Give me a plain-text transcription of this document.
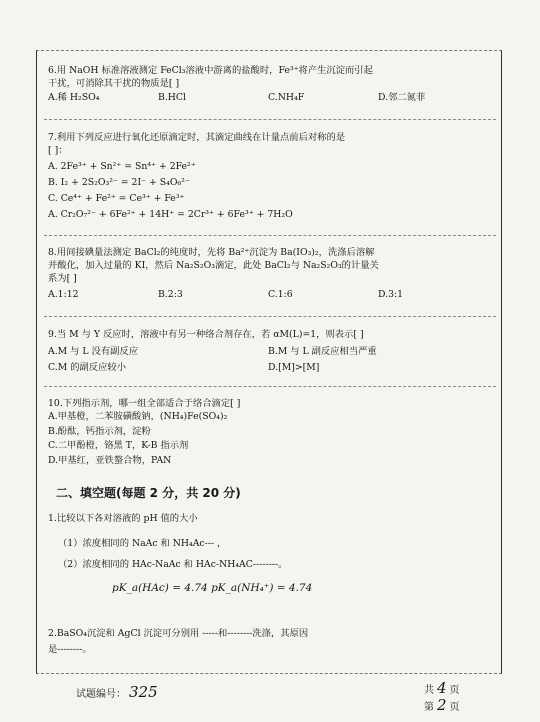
6.用 NaOH 标准溶液测定 FeCl₃溶液中游离的盐酸时，Fe³⁺将产生沉淀而引起

干扰，可消除其干扰的物质是[ ]

A.稀 H₂SO₄	B.HCl	C.NH₄F	D.邻二氮菲

7.利用下列反应进行氧化还原滴定时，其滴定曲线在计量点前后对称的是

[ ]：

A. 2Fe³⁺ + Sn²⁺ = Sn⁴⁺ + 2Fe²⁺

B. I₂ + 2S₂O₃²⁻ = 2I⁻ + S₄O₆²⁻

C. Ce⁴⁺ + Fe²⁺ = Ce³⁺ + Fe³⁺

A. Cr₂O₇²⁻ + 6Fe²⁺ + 14H⁺ = 2Cr³⁺ + 6Fe³⁺ + 7H₂O

8.用间接碘量法测定 BaCl₂的纯度时，先将 Ba²⁺沉淀为 Ba(IO₃)₂，洗涤后溶解

并酸化，加入过量的 KI，然后 Na₂S₂O₃滴定，此处 BaCl₂与 Na₂S₂O₃的计量关

系为[ ]

A.1:12	B.2:3	C.1:6	D.3:1

9.当 M 与 Y 反应时，溶液中有另一种络合剂存在，若 αM(L)=1，则表示[ ]

A.M 与 L 没有副反应	B.M 与 L 副反应相当严重
C.M 的副反应较小	D.[M]>[M]

10.下列指示剂，哪一组全部适合于络合滴定[ ]

A.甲基橙，二苯胺磺酸钠，(NH₄)Fe(SO₄)₂

B.酚酞，钙指示剂，淀粉

C.二甲酚橙，铬黑 T，K-B 指示剂

D.甲基红，亚铁螯合物，PAN

二、填空题(每题 2 分，共 20 分)

1.比较以下各对溶液的 pH 值的大小

（1）浓度相同的 NaAc 和 NH₄Ac--- ，

（2）浓度相同的 HAc-NaAc 和 HAc-NH₄AC--------。

pK_a(HAc) = 4.74 pK_a(NH₄⁺) = 4.74

2.BaSO₄沉淀和 AgCl 沉淀可分别用 -----和--------洗涤，其原因

是--------。

试题编号： 325	共 4 页
第 2 页
